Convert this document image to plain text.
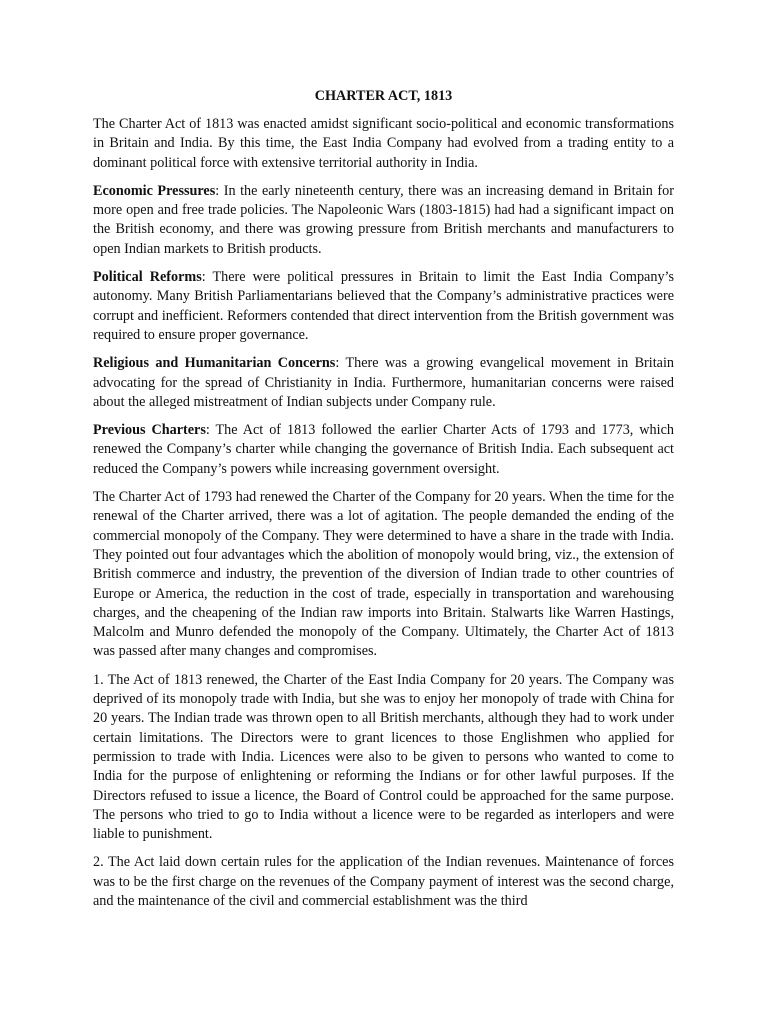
CHARTER ACT, 1813

The Charter Act of 1813 was enacted amidst significant socio-political and economic transformations in Britain and India. By this time, the East India Company had evolved from a trading entity to a dominant political force with extensive territorial authority in India.

Economic Pressures: In the early nineteenth century, there was an increasing demand in Britain for more open and free trade policies. The Napoleonic Wars (1803-1815) had had a significant impact on the British economy, and there was growing pressure from British merchants and manufacturers to open Indian markets to British products.

Political Reforms: There were political pressures in Britain to limit the East India Company’s autonomy. Many British Parliamentarians believed that the Company’s administrative practices were corrupt and inefficient. Reformers contended that direct intervention from the British government was required to ensure proper governance.

Religious and Humanitarian Concerns: There was a growing evangelical movement in Britain advocating for the spread of Christianity in India. Furthermore, humanitarian concerns were raised about the alleged mistreatment of Indian subjects under Company rule.

Previous Charters: The Act of 1813 followed the earlier Charter Acts of 1793 and 1773, which renewed the Company’s charter while changing the governance of British India. Each subsequent act reduced the Company’s powers while increasing government oversight.

The Charter Act of 1793 had renewed the Charter of the Company for 20 years. When the time for the renewal of the Charter arrived, there was a lot of agitation. The people demanded the ending of the commercial monopoly of the Company. They were determined to have a share in the trade with India. They pointed out four advantages which the abolition of monopoly would bring, viz., the extension of British commerce and industry, the prevention of the diversion of Indian trade to other countries of Europe or America, the reduction in the cost of trade, especially in transportation and warehousing charges, and the cheapening of the Indian raw imports into Britain. Stalwarts like Warren Hastings, Malcolm and Munro defended the monopoly of the Company. Ultimately, the Charter Act of 1813 was passed after many changes and compromises.

1. The Act of 1813 renewed, the Charter of the East India Company for 20 years. The Company was deprived of its monopoly trade with India, but she was to enjoy her monopoly of trade with China for 20 years. The Indian trade was thrown open to all British merchants, although they had to work under certain limitations. The Directors were to grant licences to those Englishmen who applied for permission to trade with India. Licences were also to be given to persons who wanted to come to India for the purpose of enlightening or reforming the Indians or for other lawful purposes. If the Directors refused to issue a licence, the Board of Control could be approached for the same purpose. The persons who tried to go to India without a licence were to be regarded as interlopers and were liable to punishment.

2. The Act laid down certain rules for the application of the Indian revenues. Maintenance of forces was to be the first charge on the revenues of the Company payment of interest was the second charge, and the maintenance of the civil and commercial establishment was the third
